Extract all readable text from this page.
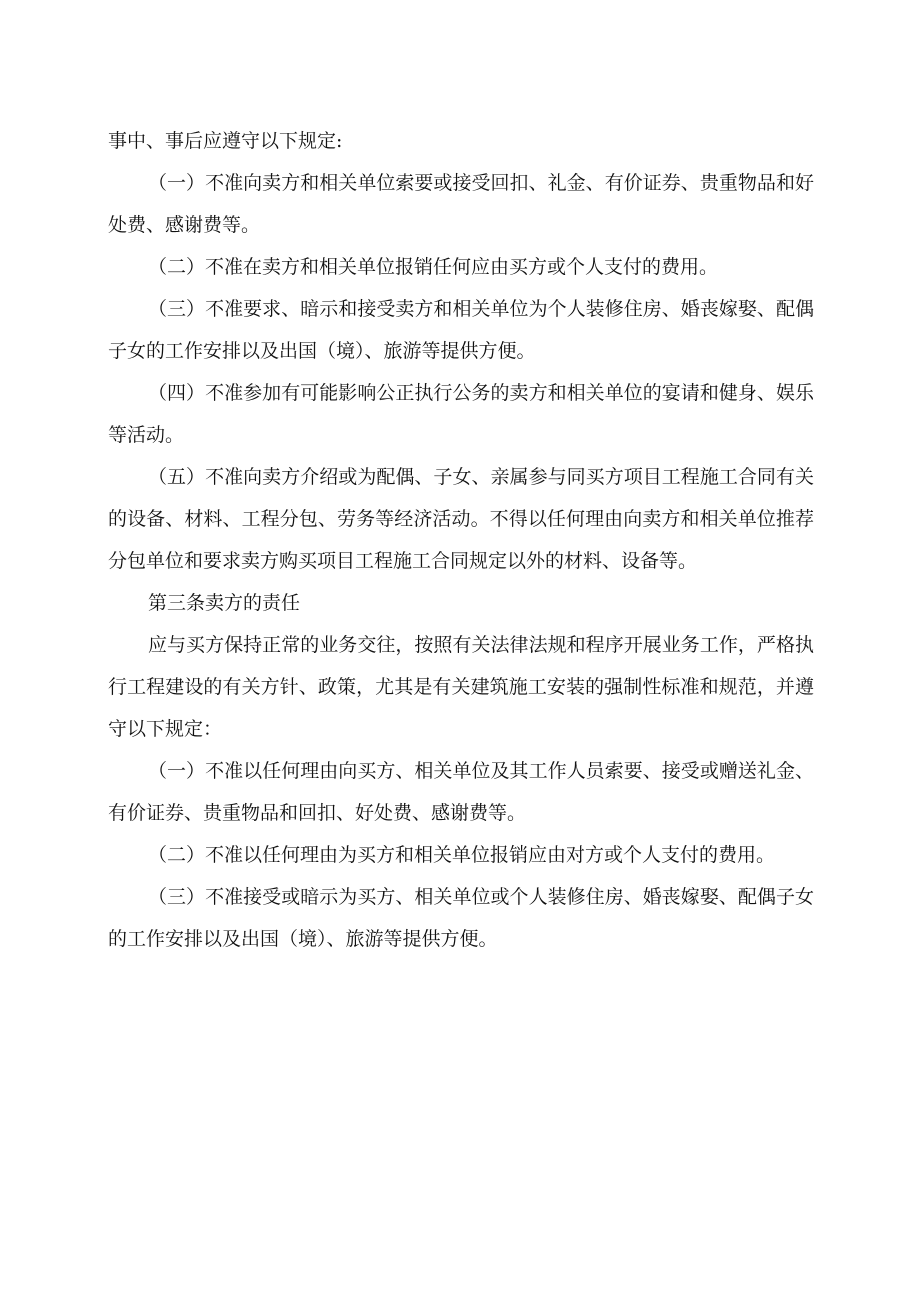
事中、事后应遵守以下规定:

（一）不准向卖方和相关单位索要或接受回扣、礼金、有价证券、贵重物品和好处费、感谢费等。

（二）不准在卖方和相关单位报销任何应由买方或个人支付的费用。

（三）不准要求、暗示和接受卖方和相关单位为个人装修住房、婚丧嫁娶、配偶子女的工作安排以及出国（境）、旅游等提供方便。

（四）不准参加有可能影响公正执行公务的卖方和相关单位的宴请和健身、娱乐等活动。

（五）不准向卖方介绍或为配偶、子女、亲属参与同买方项目工程施工合同有关的设备、材料、工程分包、劳务等经济活动。不得以任何理由向卖方和相关单位推荐分包单位和要求卖方购买项目工程施工合同规定以外的材料、设备等。

第三条卖方的责任

应与买方保持正常的业务交往，按照有关法律法规和程序开展业务工作，严格执行工程建设的有关方针、政策，尤其是有关建筑施工安装的强制性标准和规范，并遵守以下规定：

（一）不准以任何理由向买方、相关单位及其工作人员索要、接受或赠送礼金、有价证券、贵重物品和回扣、好处费、感谢费等。

（二）不准以任何理由为买方和相关单位报销应由对方或个人支付的费用。

（三）不准接受或暗示为买方、相关单位或个人装修住房、婚丧嫁娶、配偶子女的工作安排以及出国（境）、旅游等提供方便。
